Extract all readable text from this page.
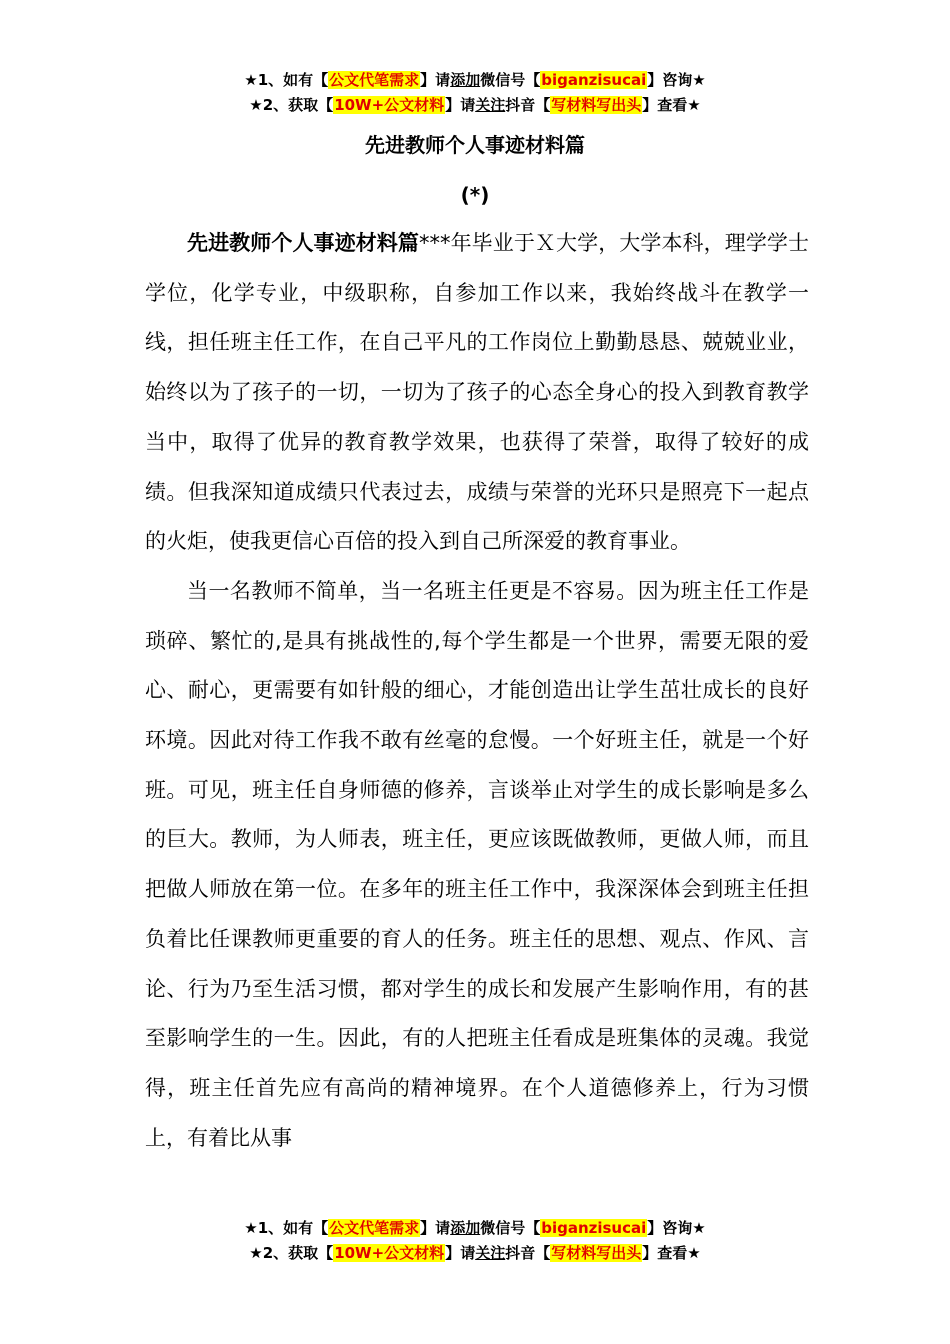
★1、如有【公文代笔需求】请添加微信号【biganzisucai】咨询★
★2、获取【10W+公文材料】请关注抖音【写材料写出头】查看★
先进教师个人事迹材料篇
(*)

先进教师个人事迹材料篇***年毕业于Ｘ大学，大学本科，理学学士学位，化学专业，中级职称，自参加工作以来，我始终战斗在教学一线，担任班主任工作，在自己平凡的工作岗位上勤勤恳恳、兢兢业业，始终以为了孩子的一切，一切为了孩子的心态全身心的投入到教育教学当中，取得了优异的教育教学效果，也获得了荣誉，取得了较好的成绩。但我深知道成绩只代表过去，成绩与荣誉的光环只是照亮下一起点的火炬，使我更信心百倍的投入到自己所深爱的教育事业。

当一名教师不简单，当一名班主任更是不容易。因为班主任工作是琐碎、繁忙的,是具有挑战性的,每个学生都是一个世界，需要无限的爱心、耐心，更需要有如针般的细心，才能创造出让学生茁壮成长的良好环境。因此对待工作我不敢有丝毫的怠慢。一个好班主任，就是一个好班。可见，班主任自身师德的修养，言谈举止对学生的成长影响是多么的巨大。教师，为人师表，班主任，更应该既做教师，更做人师，而且把做人师放在第一位。在多年的班主任工作中，我深深体会到班主任担负着比任课教师更重要的育人的任务。班主任的思想、观点、作风、言论、行为乃至生活习惯，都对学生的成长和发展产生影响作用，有的甚至影响学生的一生。因此，有的人把班主任看成是班集体的灵魂。我觉得，班主任首先应有高尚的精神境界。在个人道德修养上，行为习惯上，有着比从事

★1、如有【公文代笔需求】请添加微信号【biganzisucai】咨询★
★2、获取【10W+公文材料】请关注抖音【写材料写出头】查看★
